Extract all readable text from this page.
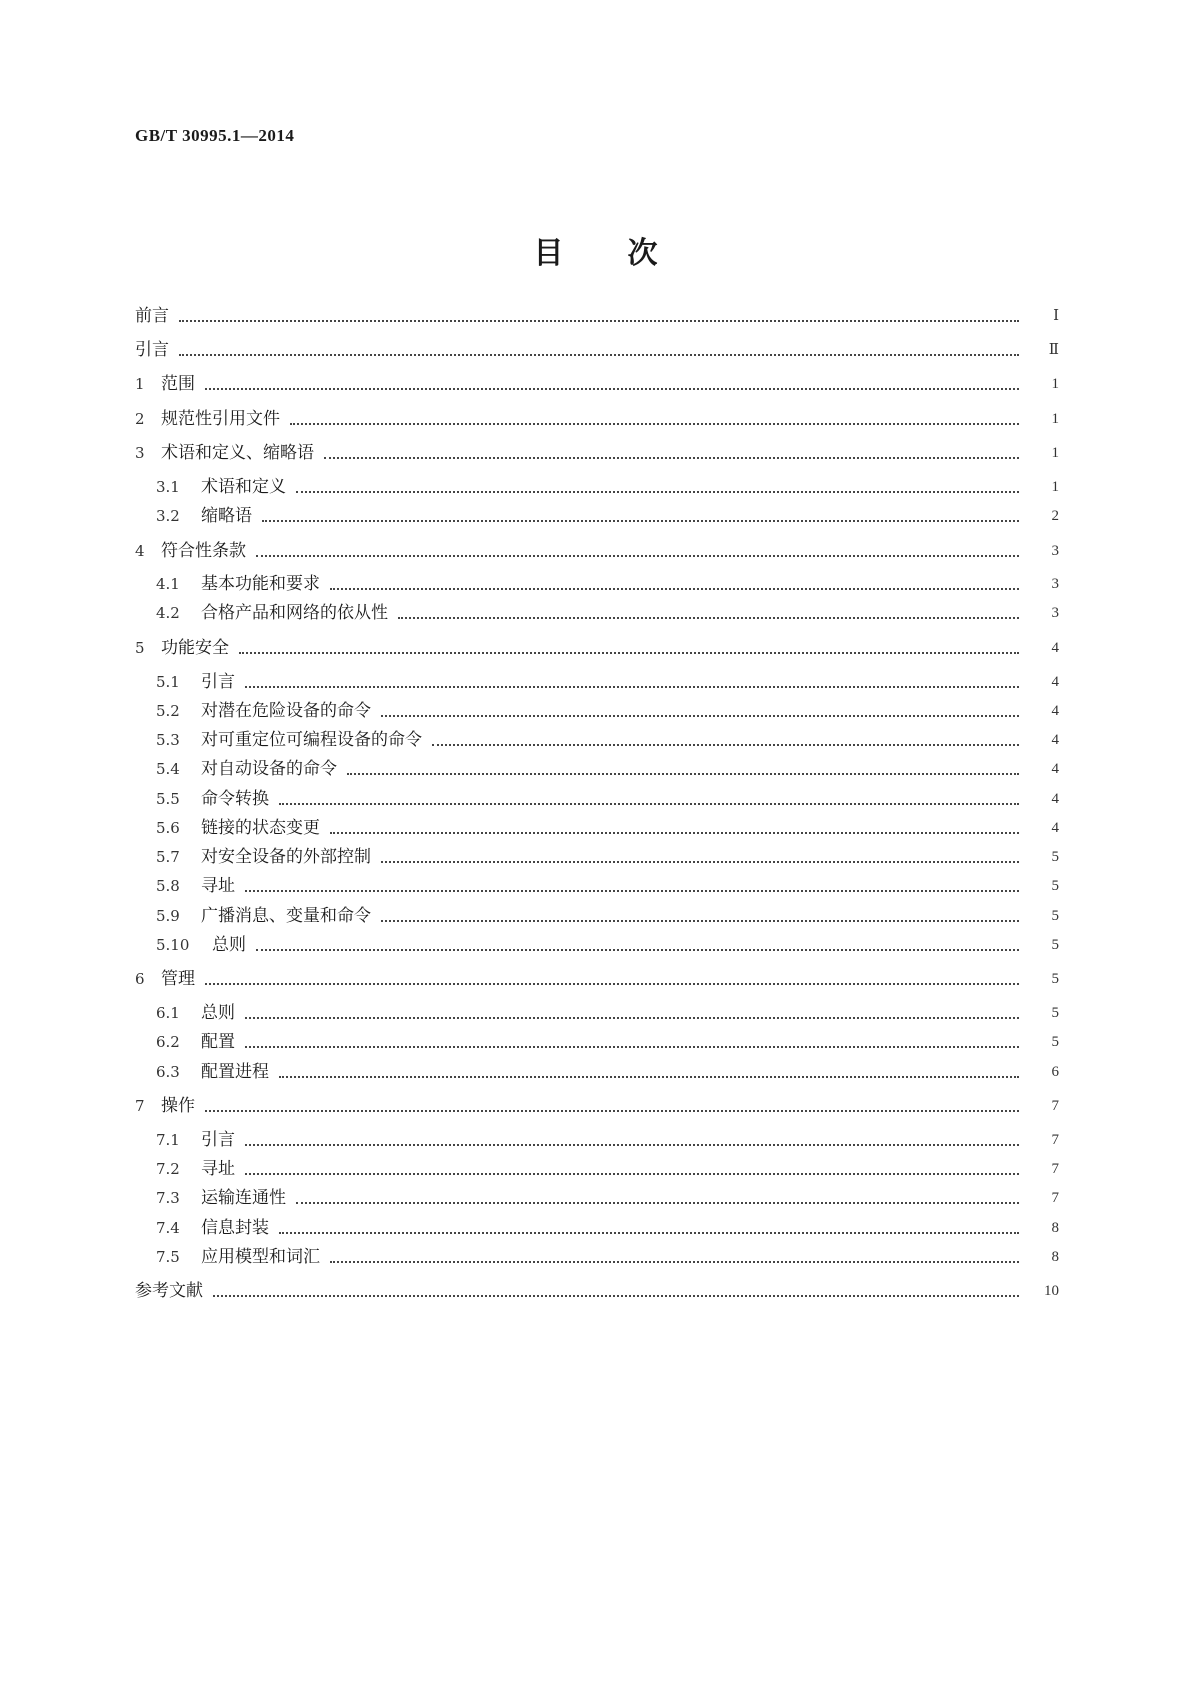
GB/T 30995.1—2014
目次
前言	Ⅰ
引言	Ⅱ
1 范围	1
2 规范性引用文件	1
3 术语和定义、缩略语	1
3.1	术语和定义	1
3.2	缩略语	2
4 符合性条款	3
4.1	基本功能和要求	3
4.2	合格产品和网络的依从性	3
5 功能安全	4
5.1	引言	4
5.2	对潜在危险设备的命令	4
5.3	对可重定位可编程设备的命令	4
5.4	对自动设备的命令	4
5.5	命令转换	4
5.6	链接的状态变更	4
5.7	对安全设备的外部控制	5
5.8	寻址	5
5.9	广播消息、变量和命令	5
5.10	总则	5
6 管理	5
6.1	总则	5
6.2	配置	5
6.3	配置进程	6
7 操作	7
7.1	引言	7
7.2	寻址	7
7.3	运输连通性	7
7.4	信息封装	8
7.5	应用模型和词汇	8
参考文献	10
